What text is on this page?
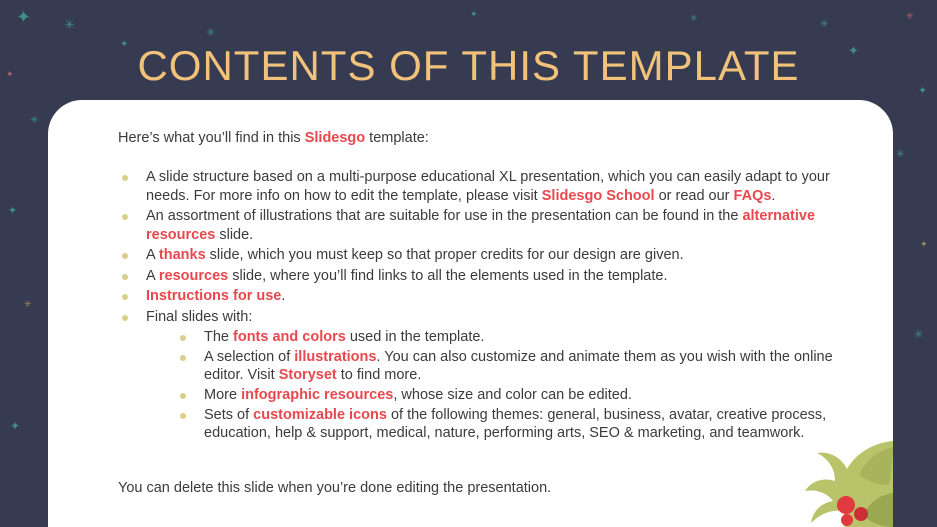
✦	✳
✦
✳
✦
✳
✦
✳
✦
✳
✦
✳
✦
✳
✦
✳
✦	✳
CONTENTS OF THIS TEMPLATE

Here’s what you’ll find in this Slidesgo template:

A slide structure based on a multi-purpose educational XL presentation, which you can easily adapt to your needs. For more info on how to edit the template, please visit Slidesgo School or read our FAQs.
An assortment of illustrations that are suitable for use in the presentation can be found in the alternative resources slide.
A thanks slide, which you must keep so that proper credits for our design are given.
A resources slide, where you’ll find links to all the elements used in the template.
Instructions for use.
Final slides with:
The fonts and colors used in the template.
A selection of illustrations. You can also customize and animate them as you wish with the online editor. Visit Storyset to find more.
More infographic resources, whose size and color can be edited.
Sets of customizable icons of the following themes: general, business, avatar, creative process, education, help & support, medical, nature, performing arts, SEO & marketing, and teamwork.

You can delete this slide when you’re done editing the presentation.
